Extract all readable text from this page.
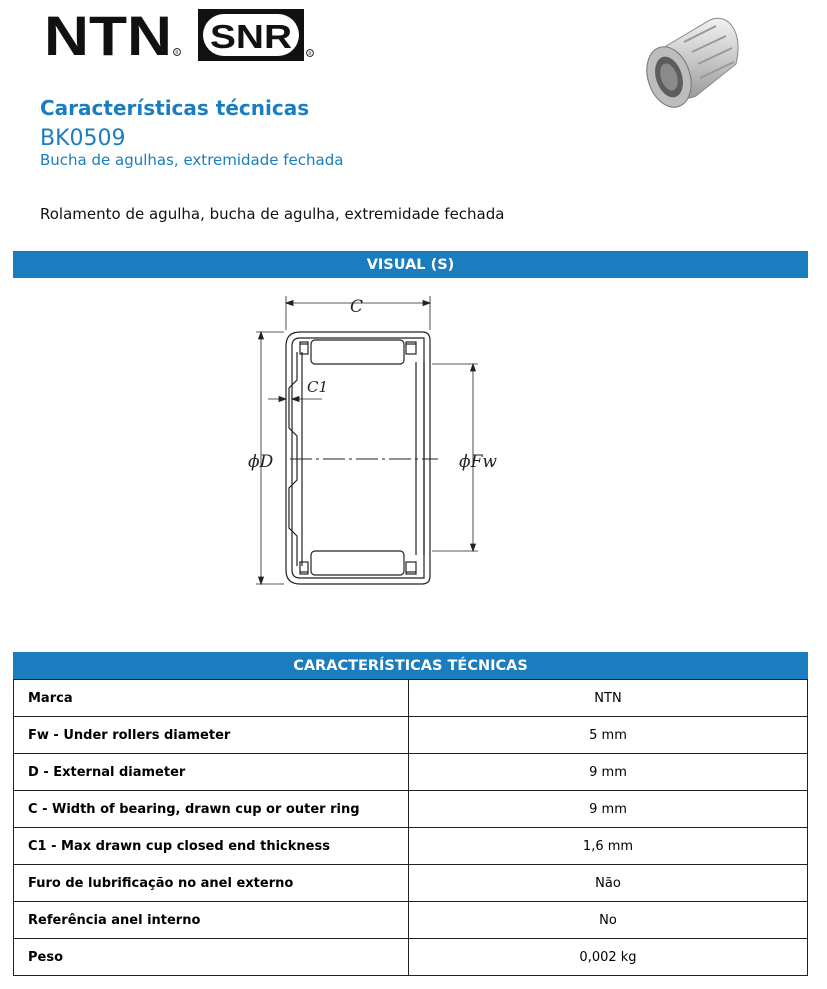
NTN R SNR	R
Características técnicas
BK0509
Bucha de agulhas, extremidade fechada
Rolamento de agulha, bucha de agulha, extremidade fechada
VISUAL (S)
C
C1
ϕD	ϕFw
CARACTERÍSTICAS TÉCNICAS
Marca	NTN
Fw - Under rollers diameter	5 mm
D - External diameter	9 mm
C - Width of bearing, drawn cup or outer ring	9 mm
C1 - Max drawn cup closed end thickness	1,6 mm
Furo de lubrificação no anel externo	Não
Referência anel interno	No
Peso	0,002 kg
